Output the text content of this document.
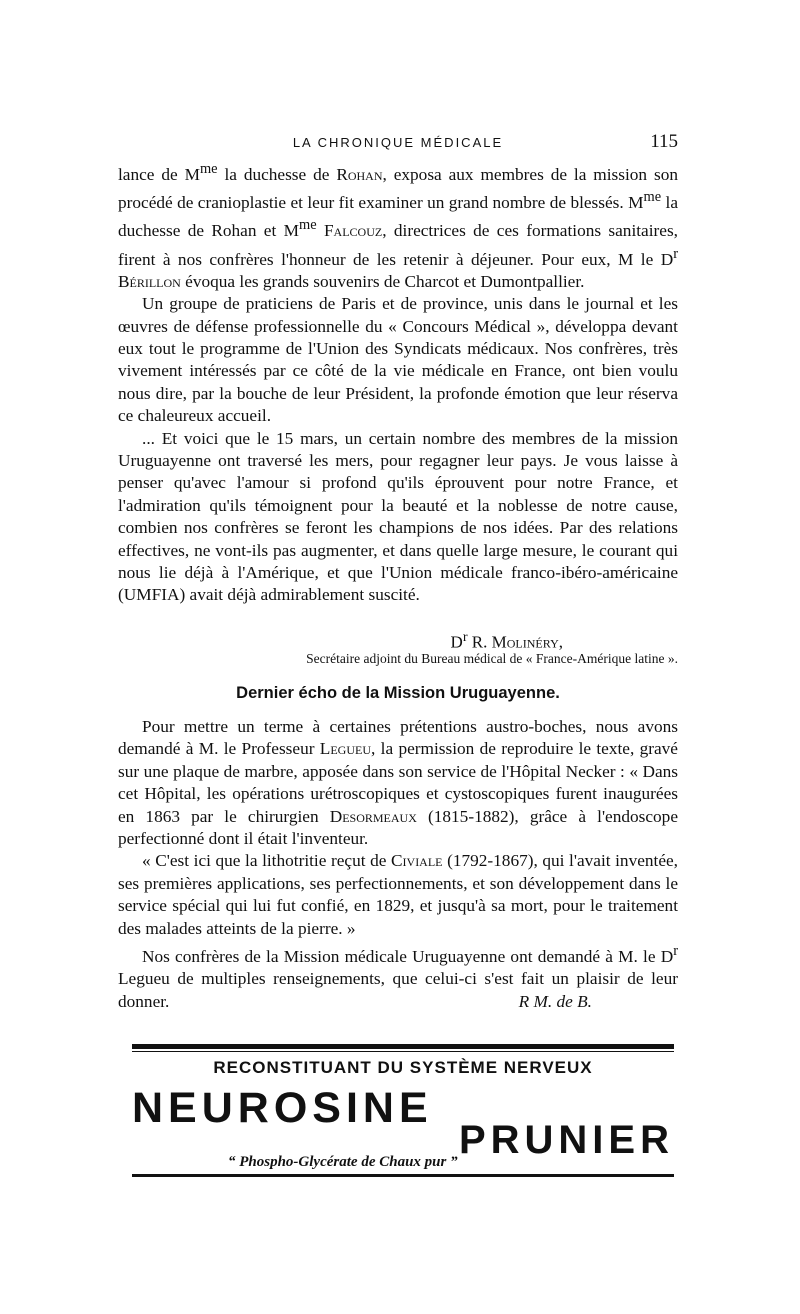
LA CHRONIQUE MÉDICALE	115

lance de $M^{me}$ la duchesse de Rohan, exposa aux membres de la mission son procédé de cranioplastie et leur fit examiner un grand nombre de blessés. $M^{me}$ la duchesse de Rohan et $M^{me}$ Falcouz, directrices de ces formations sanitaires, firent à nos confrères l'honneur de les retenir à déjeuner. Pour eux, M le $D^r$ Bérillon évoqua les grands souvenirs de Charcot et Dumontpallier.

Un groupe de praticiens de Paris et de province, unis dans le journal et les œuvres de défense professionnelle du « Concours Médical », développa devant eux tout le programme de l'Union des Syndicats médicaux. Nos confrères, très vivement intéressés par ce côté de la vie médicale en France, ont bien voulu nous dire, par la bouche de leur Président, la profonde émotion que leur réserva ce chaleureux accueil.

... Et voici que le 15 mars, un certain nombre des membres de la mission Uruguayenne ont traversé les mers, pour regagner leur pays. Je vous laisse à penser qu'avec l'amour si profond qu'ils éprouvent pour notre France, et l'admiration qu'ils témoignent pour la beauté et la noblesse de notre cause, combien nos confrères se feront les champions de nos idées. Par des relations effectives, ne vont-ils pas augmenter, et dans quelle large mesure, le courant qui nous lie déjà à l'Amérique, et que l'Union médicale franco-ibéro-américaine (UMFIA) avait déjà admirablement suscité.

$D^r$ R. Molinéry,
Secrétaire adjoint du Bureau médical de « France-Amérique latine ».
Dernier écho de la Mission Uruguayenne.

Pour mettre un terme à certaines prétentions austro-boches, nous avons demandé à M. le Professeur Legueu, la permission de reproduire le texte, gravé sur une plaque de marbre, apposée dans son service de l'Hôpital Necker : « Dans cet Hôpital, les opérations urétroscopiques et cystoscopiques furent inaugurées en 1863 par le chirurgien Desormeaux (1815-1882), grâce à l'endoscope perfectionné dont il était l'inventeur.

« C'est ici que la lithotritie reçut de Civiale (1792-1867), qui l'avait inventée, ses premières applications, ses perfectionnements, et son développement dans le service spécial qui lui fut confié, en 1829, et jusqu'à sa mort, pour le traitement des malades atteints de la pierre. »

Nos confrères de la Mission médicale Uruguayenne ont demandé à M. le $D^r$ Legueu de multiples renseignements, que celui-ci s'est fait un plaisir de leur donner.	R M. de B.

RECONSTITUANT DU SYSTÈME NERVEUX
NEUROSINE
PRUNIER
“ Phospho-Glycérate de Chaux pur ”
